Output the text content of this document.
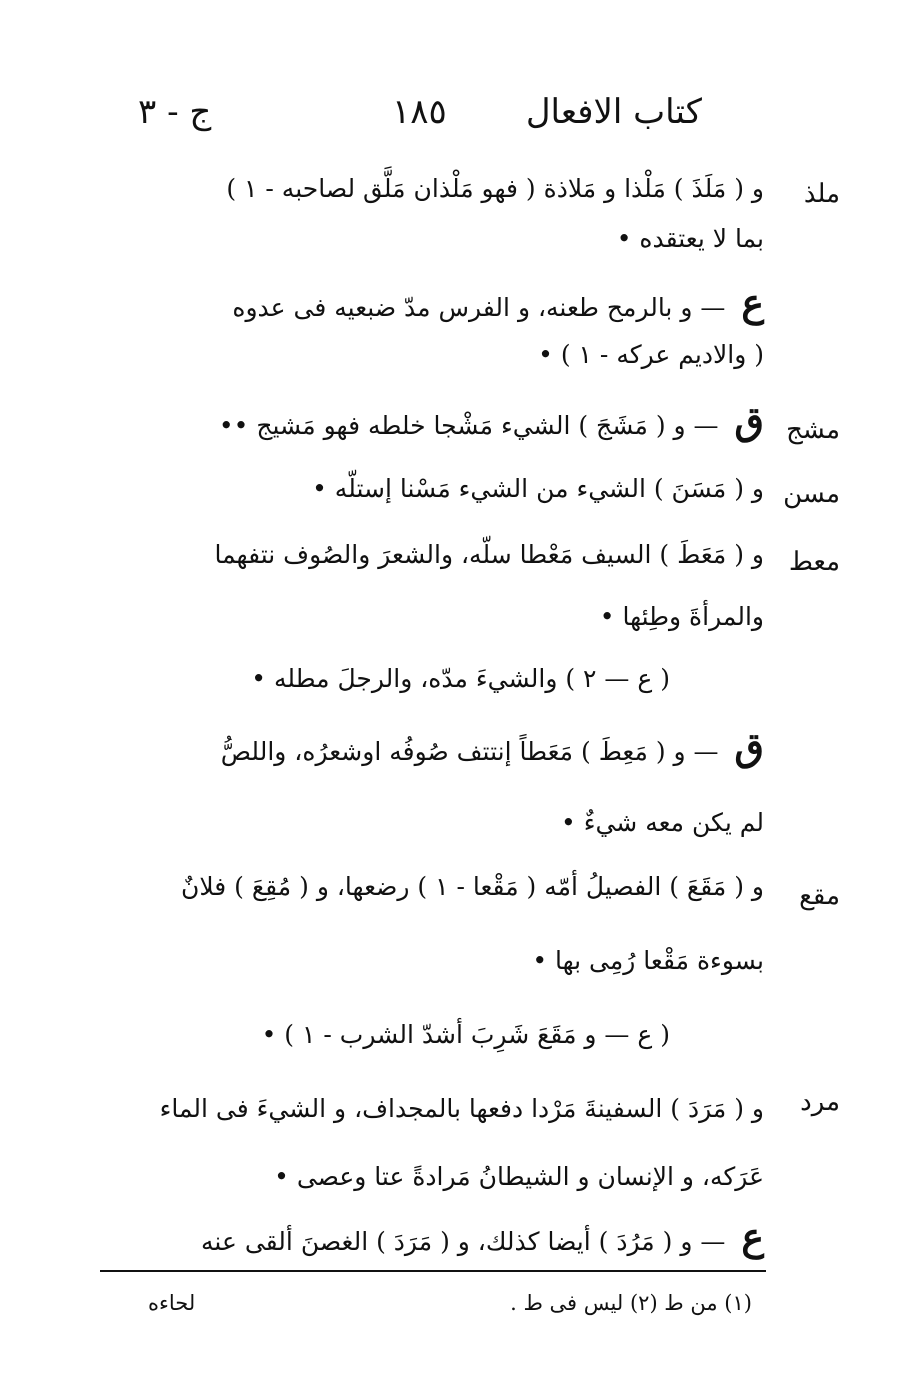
كتاب الافعال
١٨٥
ج - ٣
ملذ
و ( مَلَذَ ) مَلْذا و مَلاذة ( فهو مَلْذان مَلَّق لصاحبه - ١ )
بما لا يعتقده •
ع — و بالرمح طعنه، و الفرس مدّ ضبعيه فى عدوه
( والاديم عركه - ١ ) •
مشج
ق — و ( مَشَجَ ) الشيء مَشْجا خلطه فهو مَشيج ••
مسن
و ( مَسَنَ ) الشيء من الشيء مَسْنا إستلّه •
معط
و ( مَعَطَ ) السيف مَعْطا سلّه، والشعرَ والصُوف نتفهما
والمرأةَ وطِئها •
( ع — ٢ ) والشيءَ مدّه، والرجلَ مطله •
ق — و ( مَعِطَ ) مَعَطاً إنتتف صُوفُه اوشعرُه، واللصُّ
لم يكن معه شيءٌ •
مقع
و ( مَقَعَ ) الفصيلُ أمّه ( مَقْعا - ١ ) رضعها، و ( مُقِعَ ) فلانٌ
بسوءة مَقْعا رُمِى بها •
( ع — و مَقَعَ شَرِبَ أشدّ الشرب - ١ ) •
مرد
و ( مَرَدَ ) السفينةَ مَرْدا دفعها بالمجداف، و الشيءَ فى الماء
عَرَكه، و الإنسان و الشيطانُ مَرادةً عتا وعصى •
ع — و ( مَرُدَ ) أيضا كذلك، و ( مَرَدَ ) الغصنَ ألقى عنه
(١) من ط (٢) ليس فى ط .
لحاءه
